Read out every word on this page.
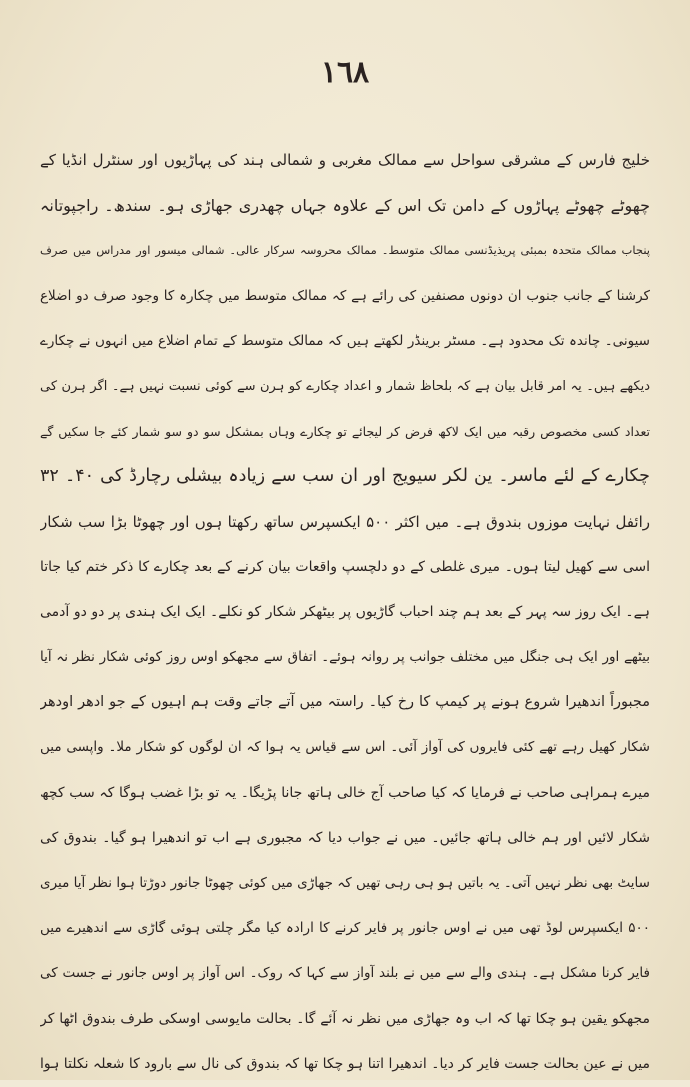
١٦٨
خلیج فارس کے مشرقی سواحل سے ممالک مغربی و شمالی ہند کی پہاڑیوں اور سنٹرل انڈیا کے
چھوٹے چھوٹے پہاڑوں کے دامن تک اس کے علاوہ جہاں چھدری جھاڑی ہو۔ سندھ۔ راجپوتانہ
پنجاب ممالک متحدہ بمبئی پریذیڈنسی ممالک متوسط۔ ممالک محروسہ سرکار عالی۔ شمالی میسور اور مدراس میں صرف
کرشنا کے جانب جنوب ان دونوں مصنفین کی رائے ہے کہ ممالک متوسط میں چکارہ کا وجود صرف دو اضلاع
سیونی۔ چاندہ تک محدود ہے۔ مسٹر برینڈر لکھتے ہیں کہ ممالک متوسط کے تمام اضلاع میں انہوں نے چکارے
دیکھے ہیں۔ یہ امر قابل بیان ہے کہ بلحاظ شمار و اعداد چکارے کو ہرن سے کوئی نسبت نہیں ہے۔ اگر ہرن کی
تعداد کسی مخصوص رقبہ میں ایک لاکھ فرض کر لیجائے تو چکارے وہاں بمشکل سو دو سو شمار کئے جا سکیں گے
چکارے کے لئے ماسر۔ ین لکر سیویج اور ان سب سے زیادہ بیشلی رچارڈ کی ۴۰۔ ۳۲
رائفل نہایت موزوں بندوق ہے۔ میں اکثر ۵۰۰ ایکسپرس ساتھ رکھتا ہوں اور چھوٹا بڑا سب شکار
اسی سے کھیل لیتا ہوں۔ میری غلطی کے دو دلچسپ واقعات بیان کرنے کے بعد چکارے کا ذکر ختم کیا جاتا
ہے۔ ایک روز سہ پہر کے بعد ہم چند احباب گاڑیوں پر بیٹھکر شکار کو نکلے۔ ایک ایک ہندی پر دو دو آدمی
بیٹھے اور ایک ہی جنگل میں مختلف جوانب پر روانہ ہوئے۔ اتفاق سے مجھکو اوس روز کوئی شکار نظر نہ آیا
مجبوراً اندھیرا شروع ہونے پر کیمپ کا رخ کیا۔ راستہ میں آتے جاتے وقت ہم اہیوں کے جو ادھر اودھر
شکار کھیل رہے تھے کئی فایروں کی آواز آئی۔ اس سے قیاس یہ ہوا کہ ان لوگوں کو شکار ملا۔ واپسی میں
میرے ہمراہی صاحب نے فرمایا کہ کیا صاحب آج خالی ہاتھ جانا پڑیگا۔ یہ تو بڑا غضب ہوگا کہ سب کچھ
شکار لائیں اور ہم خالی ہاتھ جائیں۔ میں نے جواب دیا کہ مجبوری ہے اب تو اندھیرا ہو گیا۔ بندوق کی
سایٹ بھی نظر نہیں آتی۔ یہ باتیں ہو ہی رہی تھیں کہ جھاڑی میں کوئی چھوٹا جانور دوڑتا ہوا نظر آیا میری
۵۰۰ ایکسپرس لوڈ تھی میں نے اوس جانور پر فایر کرنے کا ارادہ کیا مگر چلتی ہوئی گاڑی سے اندھیرے میں
فایر کرنا مشکل ہے۔ ہندی والے سے میں نے بلند آواز سے کہا کہ روک۔ اس آواز پر اوس جانور نے جست کی
مجھکو یقین ہو چکا تھا کہ اب وہ جھاڑی میں نظر نہ آئے گا۔ بحالت مایوسی اوسکی طرف بندوق اٹھا کر
میں نے عین بحالت جست فایر کر دیا۔ اندھیرا اتنا ہو چکا تھا کہ بندوق کی نال سے بارود کا شعلہ نکلتا ہوا
